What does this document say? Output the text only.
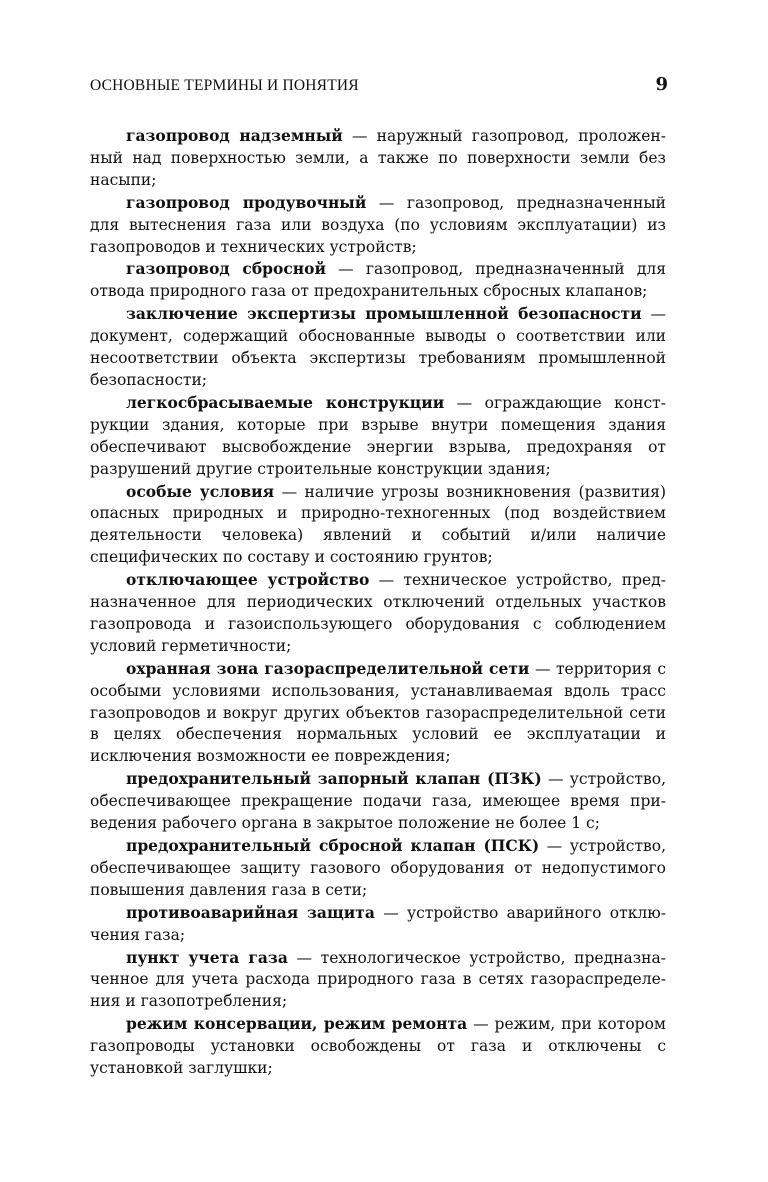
ОСНОВНЫЕ ТЕРМИНЫ И ПОНЯТИЯ	9

газопровод надземный — наружный газопровод, проложенный над поверхностью земли, а также по поверхности земли без насыпи;

газопровод продувочный — газопровод, предназначенный для вытеснения газа или воздуха (по условиям эксплуатации) из газопроводов и технических устройств;

газопровод сбросной — газопровод, предназначенный для отвода природного газа от предохранительных сбросных клапанов;

заключение экспертизы промышленной безопасности — документ, содержащий обоснованные выводы о соответствии или несоответствии объекта экспертизы требованиям промышленной безопасности;

легкосбрасываемые конструкции — ограждающие конструкции здания, которые при взрыве внутри помещения здания обеспечивают высвобождение энергии взрыва, предохраняя от разрушений другие строительные конструкции здания;

особые условия — наличие угрозы возникновения (развития) опасных природных и природно-техногенных (под воздействием деятельности человека) явлений и событий и/или наличие специфических по составу и состоянию грунтов;

отключающее устройство — техническое устройство, предназначенное для периодических отключений отдельных участков газопровода и газоиспользующего оборудования с соблюдением условий герметичности;

охранная зона газораспределительной сети — территория с особыми условиями использования, устанавливаемая вдоль трасс газопроводов и вокруг других объектов газораспределительной сети в целях обеспечения нормальных условий ее эксплуатации и исключения возможности ее повреждения;

предохранительный запорный клапан (ПЗК) — устройство, обеспечивающее прекращение подачи газа, имеющее время приведения рабочего органа в закрытое положение не более 1 с;

предохранительный сбросной клапан (ПСК) — устройство, обеспечивающее защиту газового оборудования от недопустимого повышения давления газа в сети;

противоаварийная защита — устройство аварийного отключения газа;

пункт учета газа — технологическое устройство, предназначенное для учета расхода природного газа в сетях газораспределения и газопотребления;

режим консервации, режим ремонта — режим, при котором газопроводы установки освобождены от газа и отключены с установкой заглушки;
